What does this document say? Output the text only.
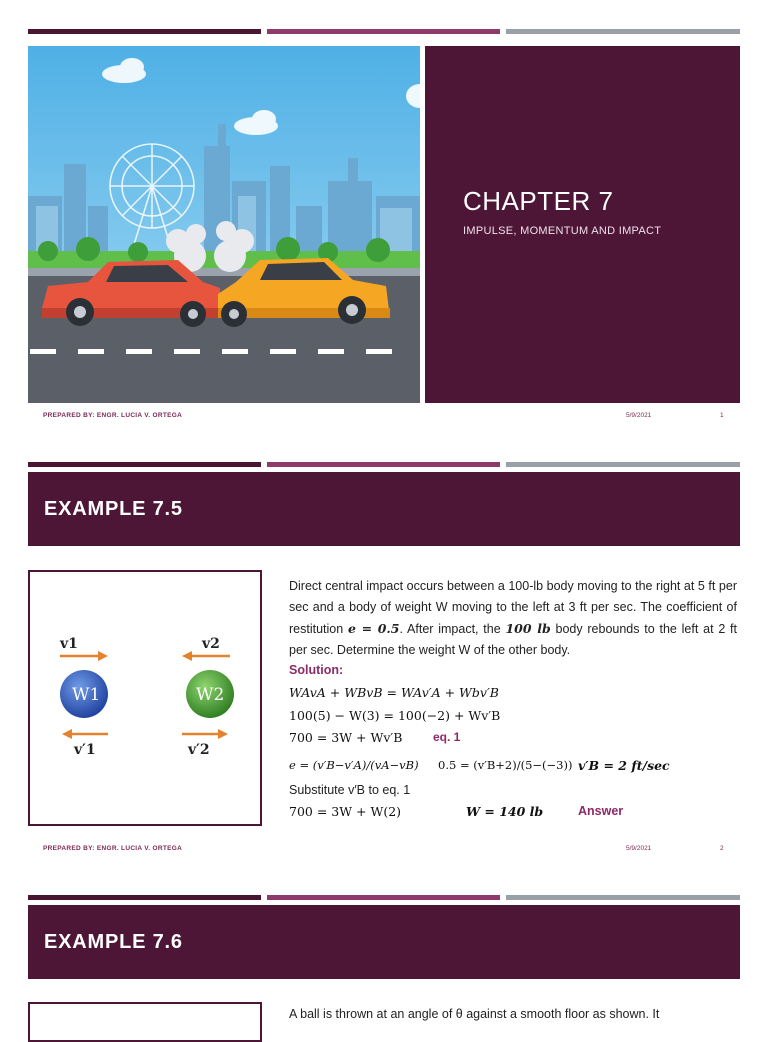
CHAPTER 7
IMPULSE, MOMENTUM AND IMPACT
PREPARED BY: ENGR. LUCIA V. ORTEGA	5/9/2021	1
EXAMPLE 7.5
v1	v2
W1	W2
v′1	v′2
Direct central impact occurs between a 100-lb body moving to the right at 5 ft per sec and a body of weight W moving to the left at 3 ft per sec. The coefficient of restitution e = 0.5. After impact, the 100 lb body rebounds to the left at 2 ft per sec. Determine the weight W of the other body.
Solution:
WAvA + WBvB = WAv′A + Wbv′B
100(5) − W(3) = 100(−2) + Wv′B
700 = 3W + Wv′B	eq. 1
e = (v′B−v′A)/(vA−vB) 0.5 = (v′B+2)/(5−(−3)) v′B = 2 ft/sec
Substitute v′B to eq. 1
700 = 3W + W(2)	W = 140 lb	Answer
PREPARED BY: ENGR. LUCIA V. ORTEGA	5/9/2021	2
EXAMPLE 7.6
A ball is thrown at an angle of θ against a smooth floor as shown. It
